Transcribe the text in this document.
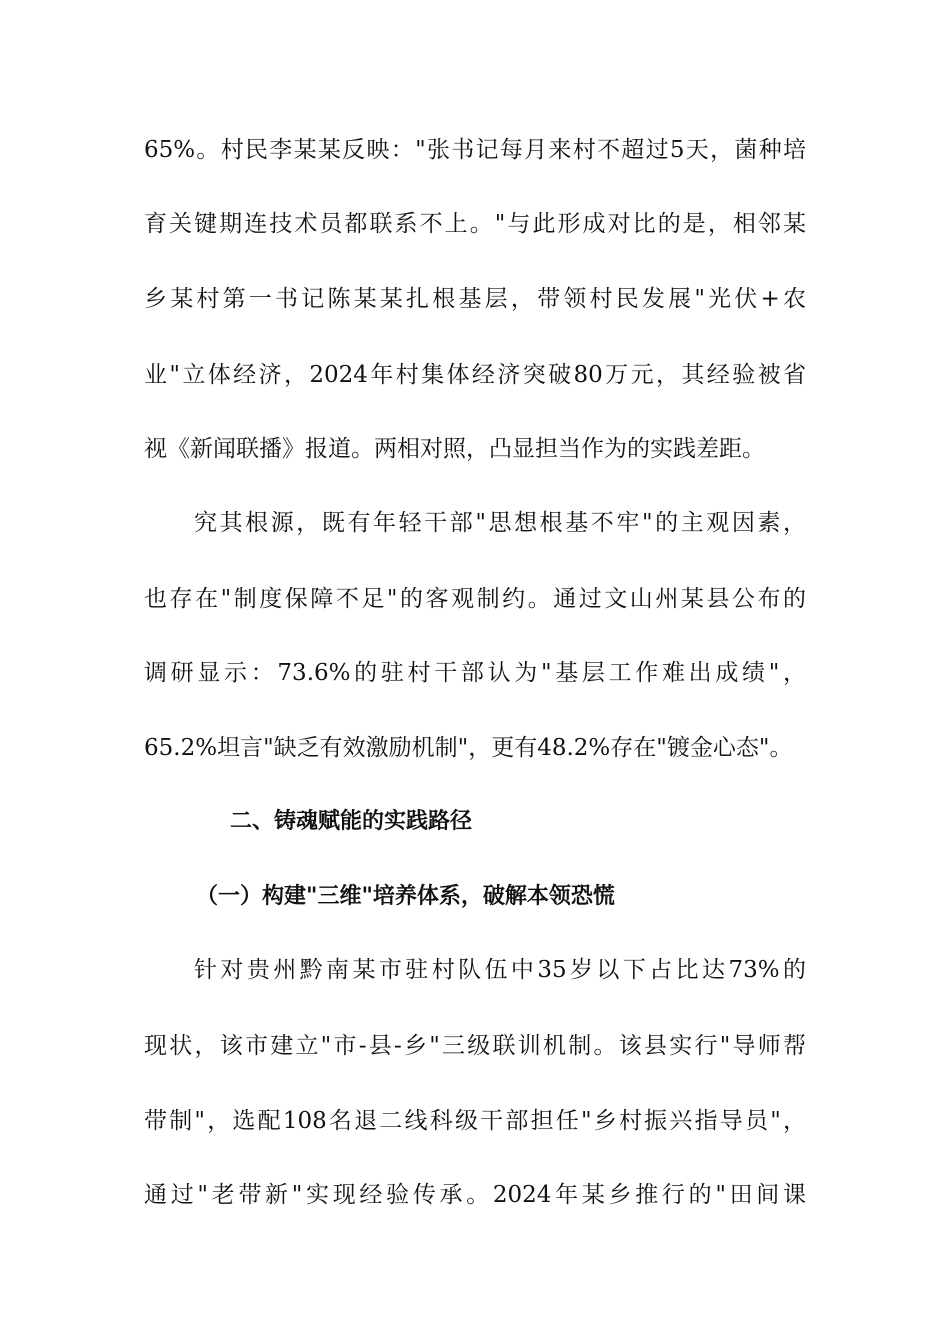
65%。村民李某某反映："张书记每月来村不超过5天，菌种培
育关键期连技术员都联系不上。"与此形成对比的是，相邻某
乡某村第一书记陈某某扎根基层，带领村民发展"光伏+农
业"立体经济，2024年村集体经济突破80万元，其经验被省
视《新闻联播》报道。两相对照，凸显担当作为的实践差距。
究其根源，既有年轻干部"思想根基不牢"的主观因素，
也存在"制度保障不足"的客观制约。通过文山州某县公布的
调研显示：73.6%的驻村干部认为"基层工作难出成绩"，
65.2%坦言"缺乏有效激励机制"，更有48.2%存在"镀金心态"。
二、铸魂赋能的实践路径
（一）构建"三维"培养体系，破解本领恐慌
针对贵州黔南某市驻村队伍中35岁以下占比达73%的
现状，该市建立"市-县-乡"三级联训机制。该县实行"导师帮
带制"，选配108名退二线科级干部担任"乡村振兴指导员"，
通过"老带新"实现经验传承。2024年某乡推行的"田间课
